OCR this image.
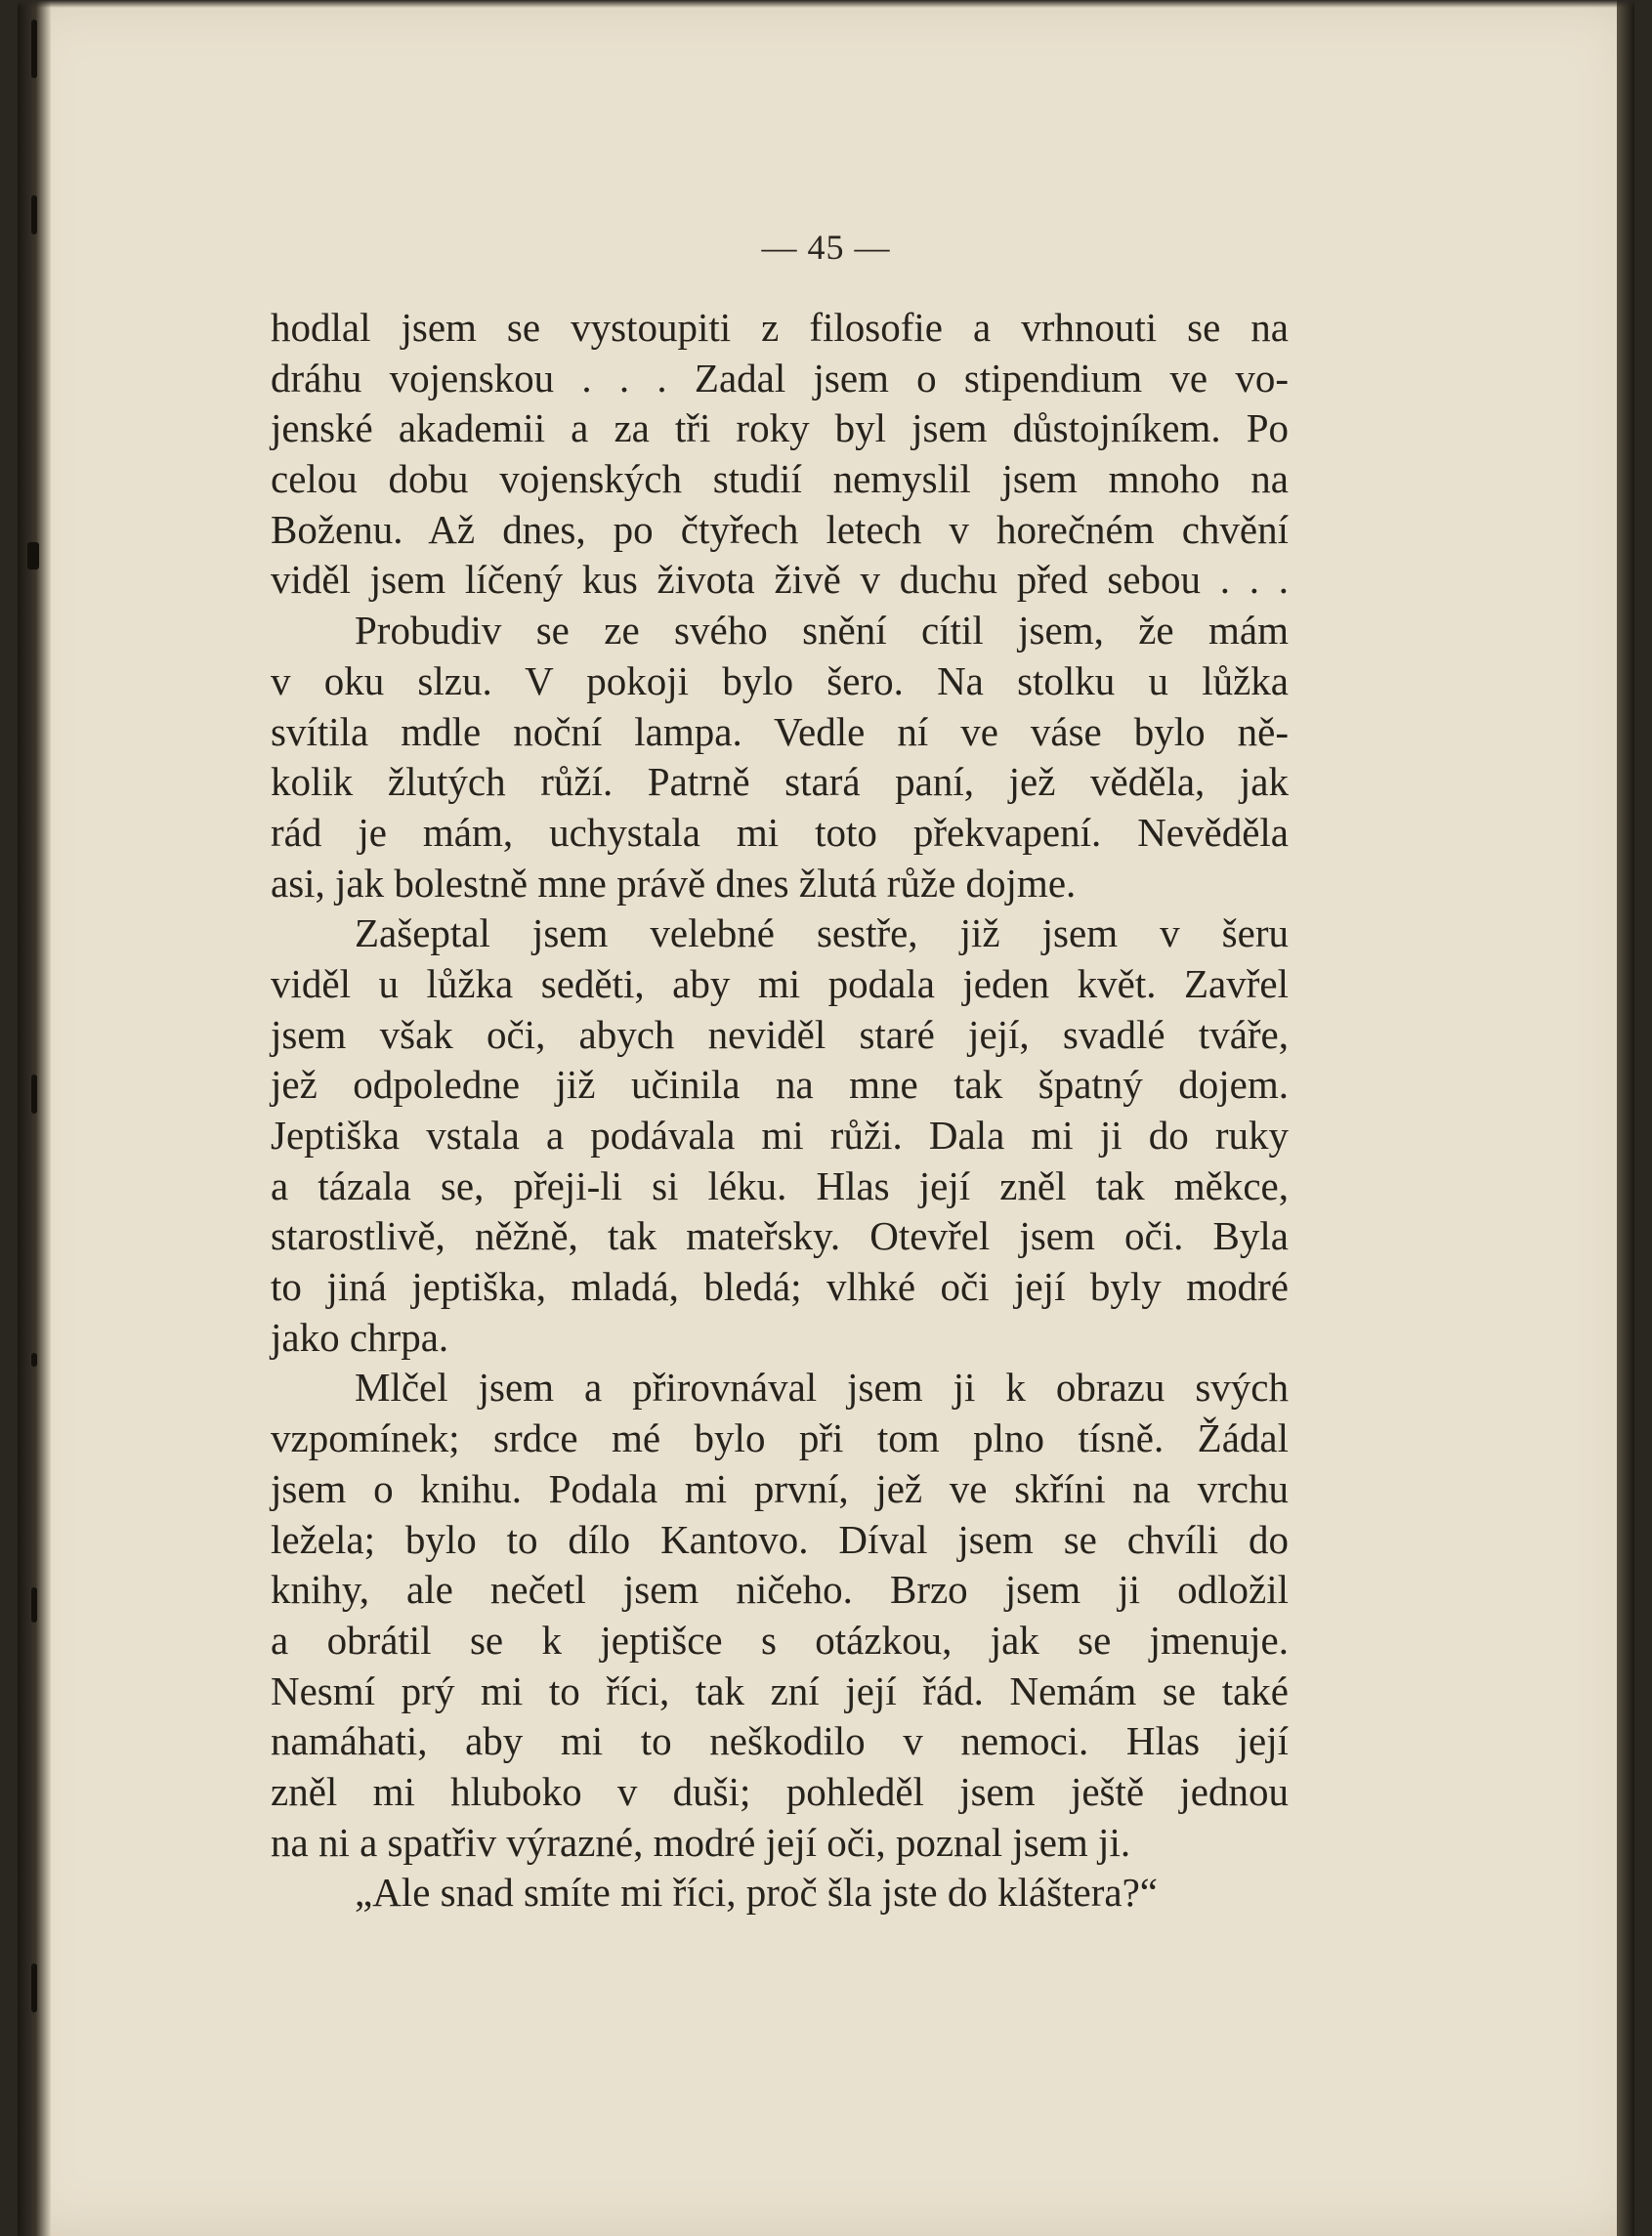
— 45 —
hodlal jsem se vystoupiti z filosofie a vrhnouti se na
dráhu vojenskou . . . Zadal jsem o stipendium ve vo-
jenské akademii a za tři roky byl jsem důstojníkem. Po
celou dobu vojenských studií nemyslil jsem mnoho na
Boženu. Až dnes, po čtyřech letech v horečném chvění
viděl jsem líčený kus života živě v duchu před sebou . . .
Probudiv se ze svého snění cítil jsem, že mám
v oku slzu. V pokoji bylo šero. Na stolku u lůžka
svítila mdle noční lampa. Vedle ní ve váse bylo ně-
kolik žlutých růží. Patrně stará paní, jež věděla, jak
rád je mám, uchystala mi toto překvapení. Nevěděla
asi, jak bolestně mne právě dnes žlutá růže dojme.
Zašeptal jsem velebné sestře, již jsem v šeru
viděl u lůžka seděti, aby mi podala jeden květ. Zavřel
jsem však oči, abych neviděl staré její, svadlé tváře,
jež odpoledne již učinila na mne tak špatný dojem.
Jeptiška vstala a podávala mi růži. Dala mi ji do ruky
a tázala se, přeji-li si léku. Hlas její zněl tak měkce,
starostlivě, něžně, tak mateřsky. Otevřel jsem oči. Byla
to jiná jeptiška, mladá, bledá; vlhké oči její byly modré
jako chrpa.
Mlčel jsem a přirovnával jsem ji k obrazu svých
vzpomínek; srdce mé bylo při tom plno tísně. Žádal
jsem o knihu. Podala mi první, jež ve skříni na vrchu
ležela; bylo to dílo Kantovo. Díval jsem se chvíli do
knihy, ale nečetl jsem ničeho. Brzo jsem ji odložil
a obrátil se k jeptišce s otázkou, jak se jmenuje.
Nesmí prý mi to říci, tak zní její řád. Nemám se také
namáhati, aby mi to neškodilo v nemoci. Hlas její
zněl mi hluboko v duši; pohleděl jsem ještě jednou
na ni a spatřiv výrazné, modré její oči, poznal jsem ji.
„Ale snad smíte mi říci, proč šla jste do kláštera?“
